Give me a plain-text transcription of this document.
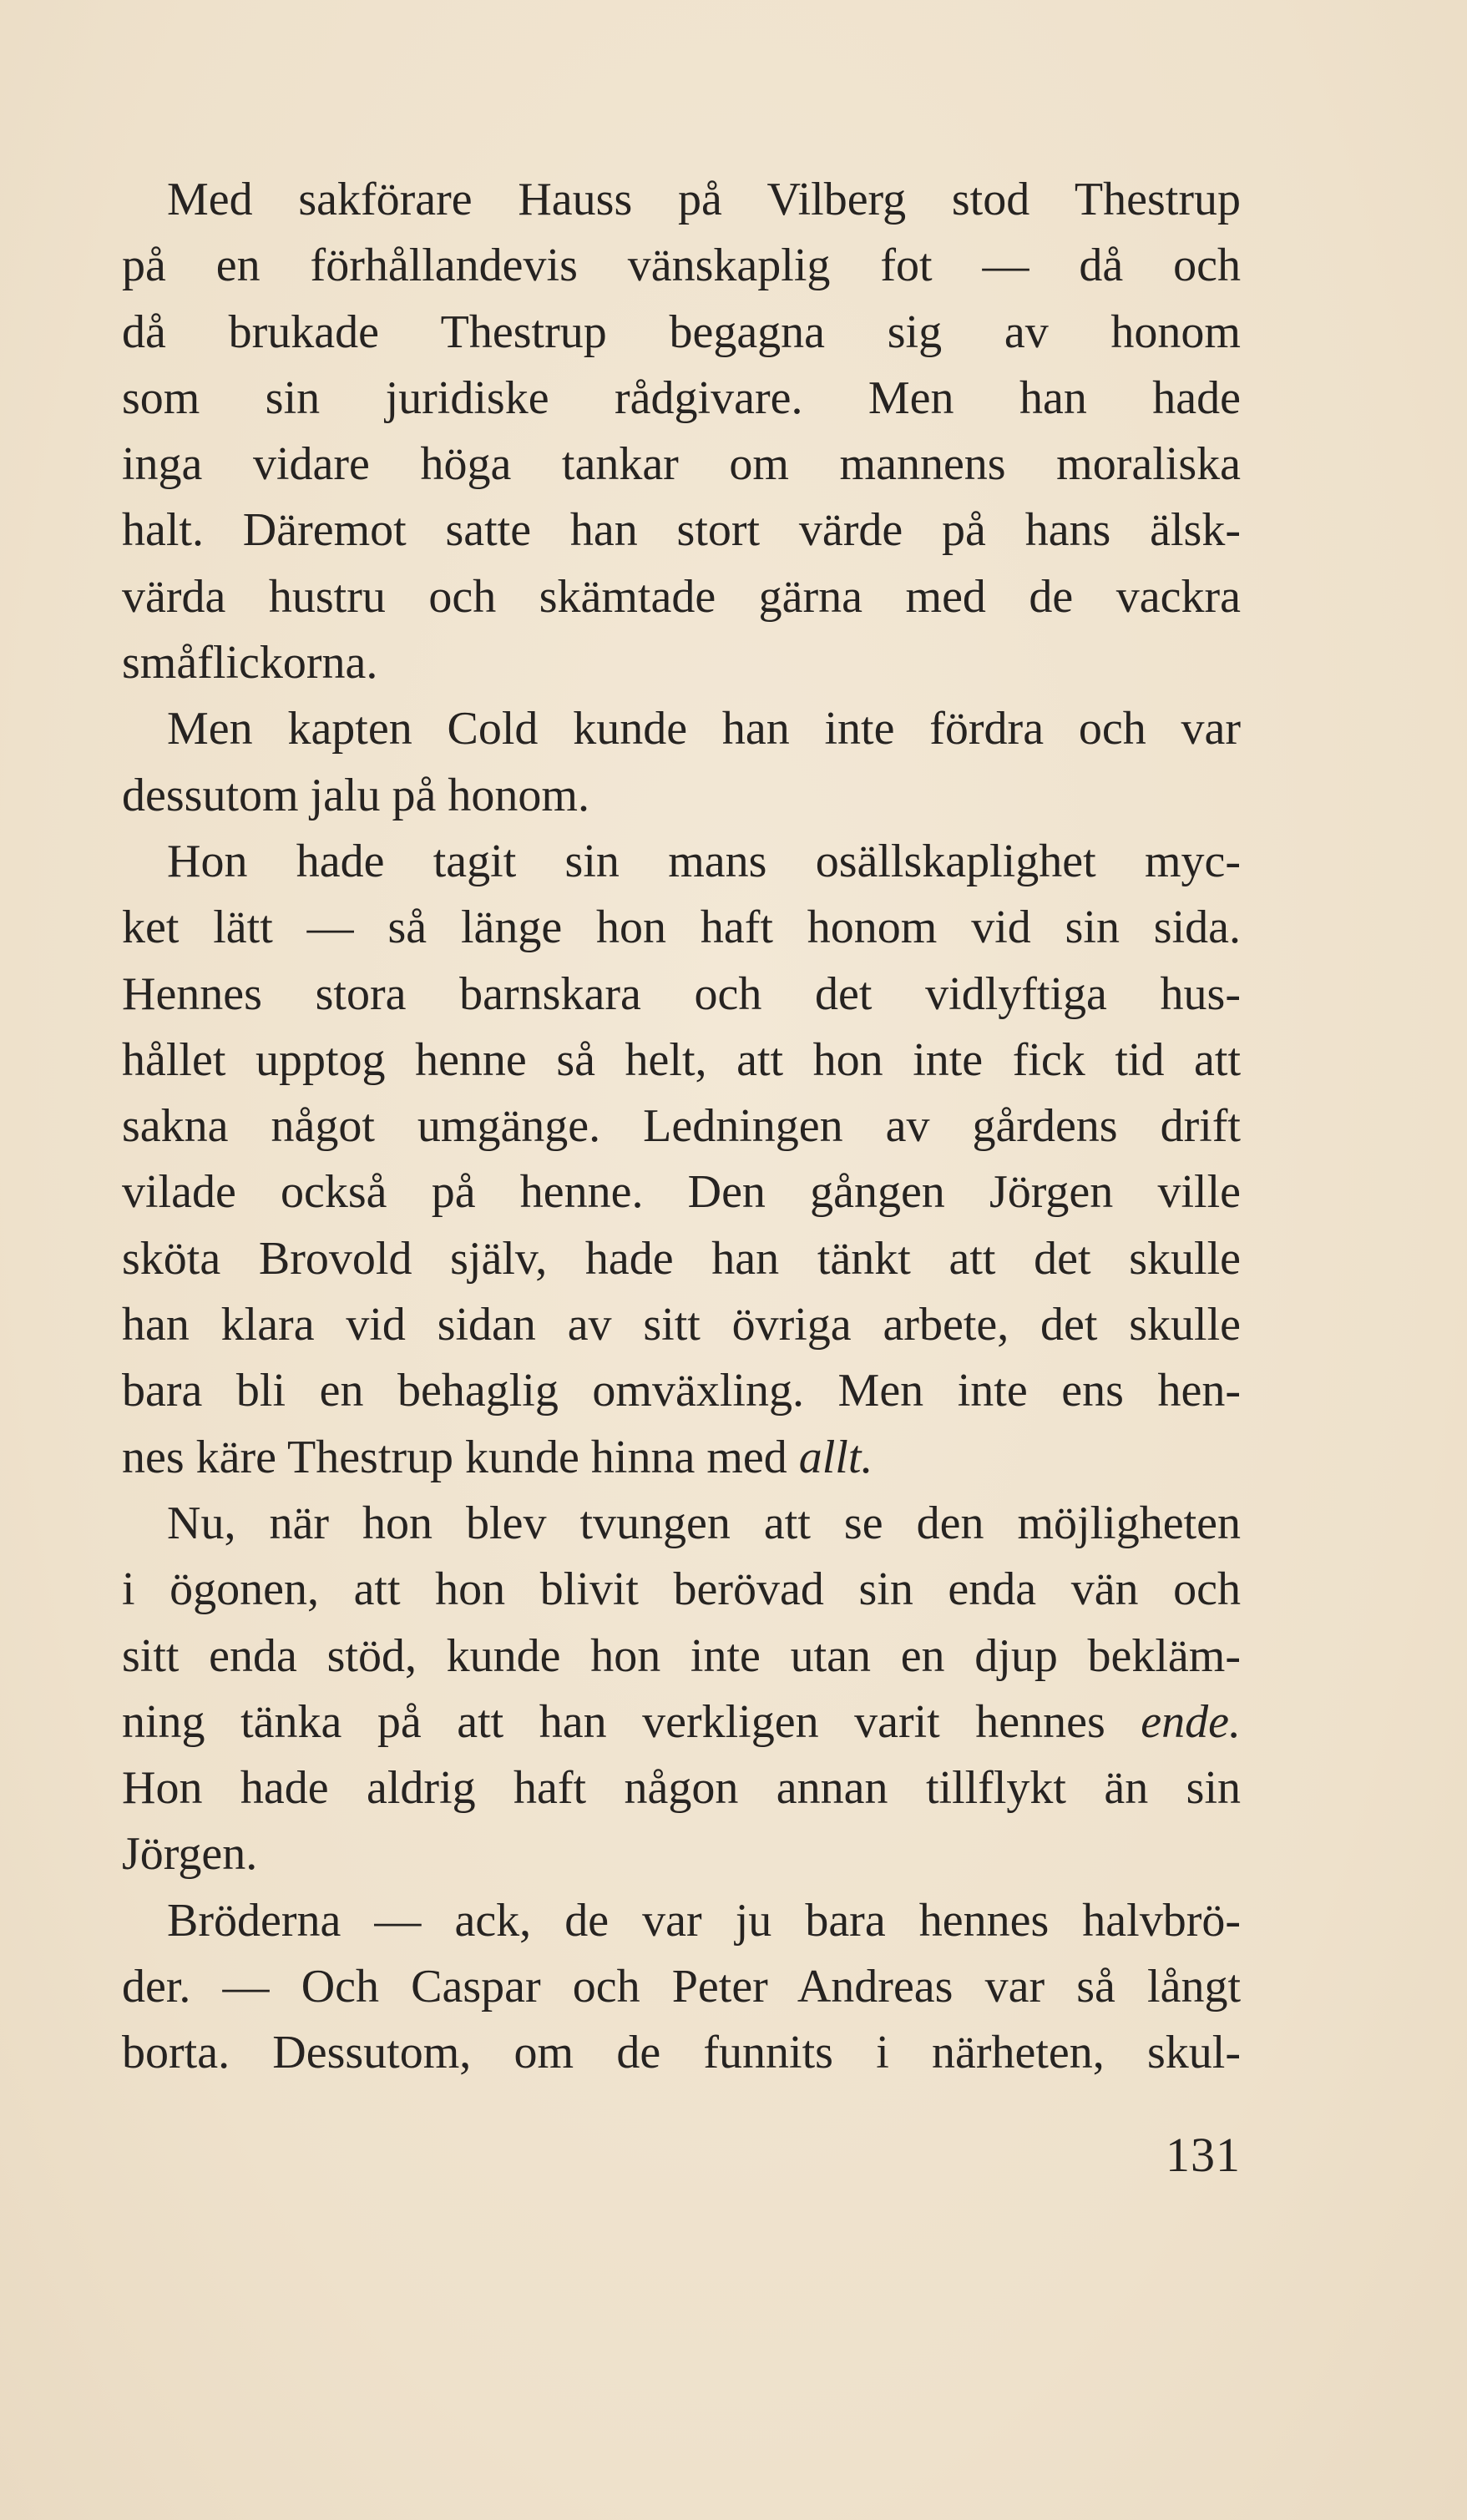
Med sakförare Hauss på Vilberg stod Thestrup
på en förhållandevis vänskaplig fot — då och
då brukade Thestrup begagna sig av honom
som sin juridiske rådgivare. Men han hade
inga vidare höga tankar om mannens moraliska
halt. Däremot satte han stort värde på hans älsk-
värda hustru och skämtade gärna med de vackra
småflickorna.
Men kapten Cold kunde han inte fördra och var
dessutom jalu på honom.
Hon hade tagit sin mans osällskaplighet myc-
ket lätt — så länge hon haft honom vid sin sida.
Hennes stora barnskara och det vidlyftiga hus-
hållet upptog henne så helt, att hon inte fick tid att
sakna något umgänge. Ledningen av gårdens drift
vilade också på henne. Den gången Jörgen ville
sköta Brovold själv, hade han tänkt att det skulle
han klara vid sidan av sitt övriga arbete, det skulle
bara bli en behaglig omväxling. Men inte ens hen-
nes käre Thestrup kunde hinna med allt.
Nu, när hon blev tvungen att se den möjligheten
i ögonen, att hon blivit berövad sin enda vän och
sitt enda stöd, kunde hon inte utan en djup bekläm-
ning tänka på att han verkligen varit hennes ende.
Hon hade aldrig haft någon annan tillflykt än sin
Jörgen.
Bröderna — ack, de var ju bara hennes halvbrö-
der. — Och Caspar och Peter Andreas var så långt
borta. Dessutom, om de funnits i närheten, skul-
131
